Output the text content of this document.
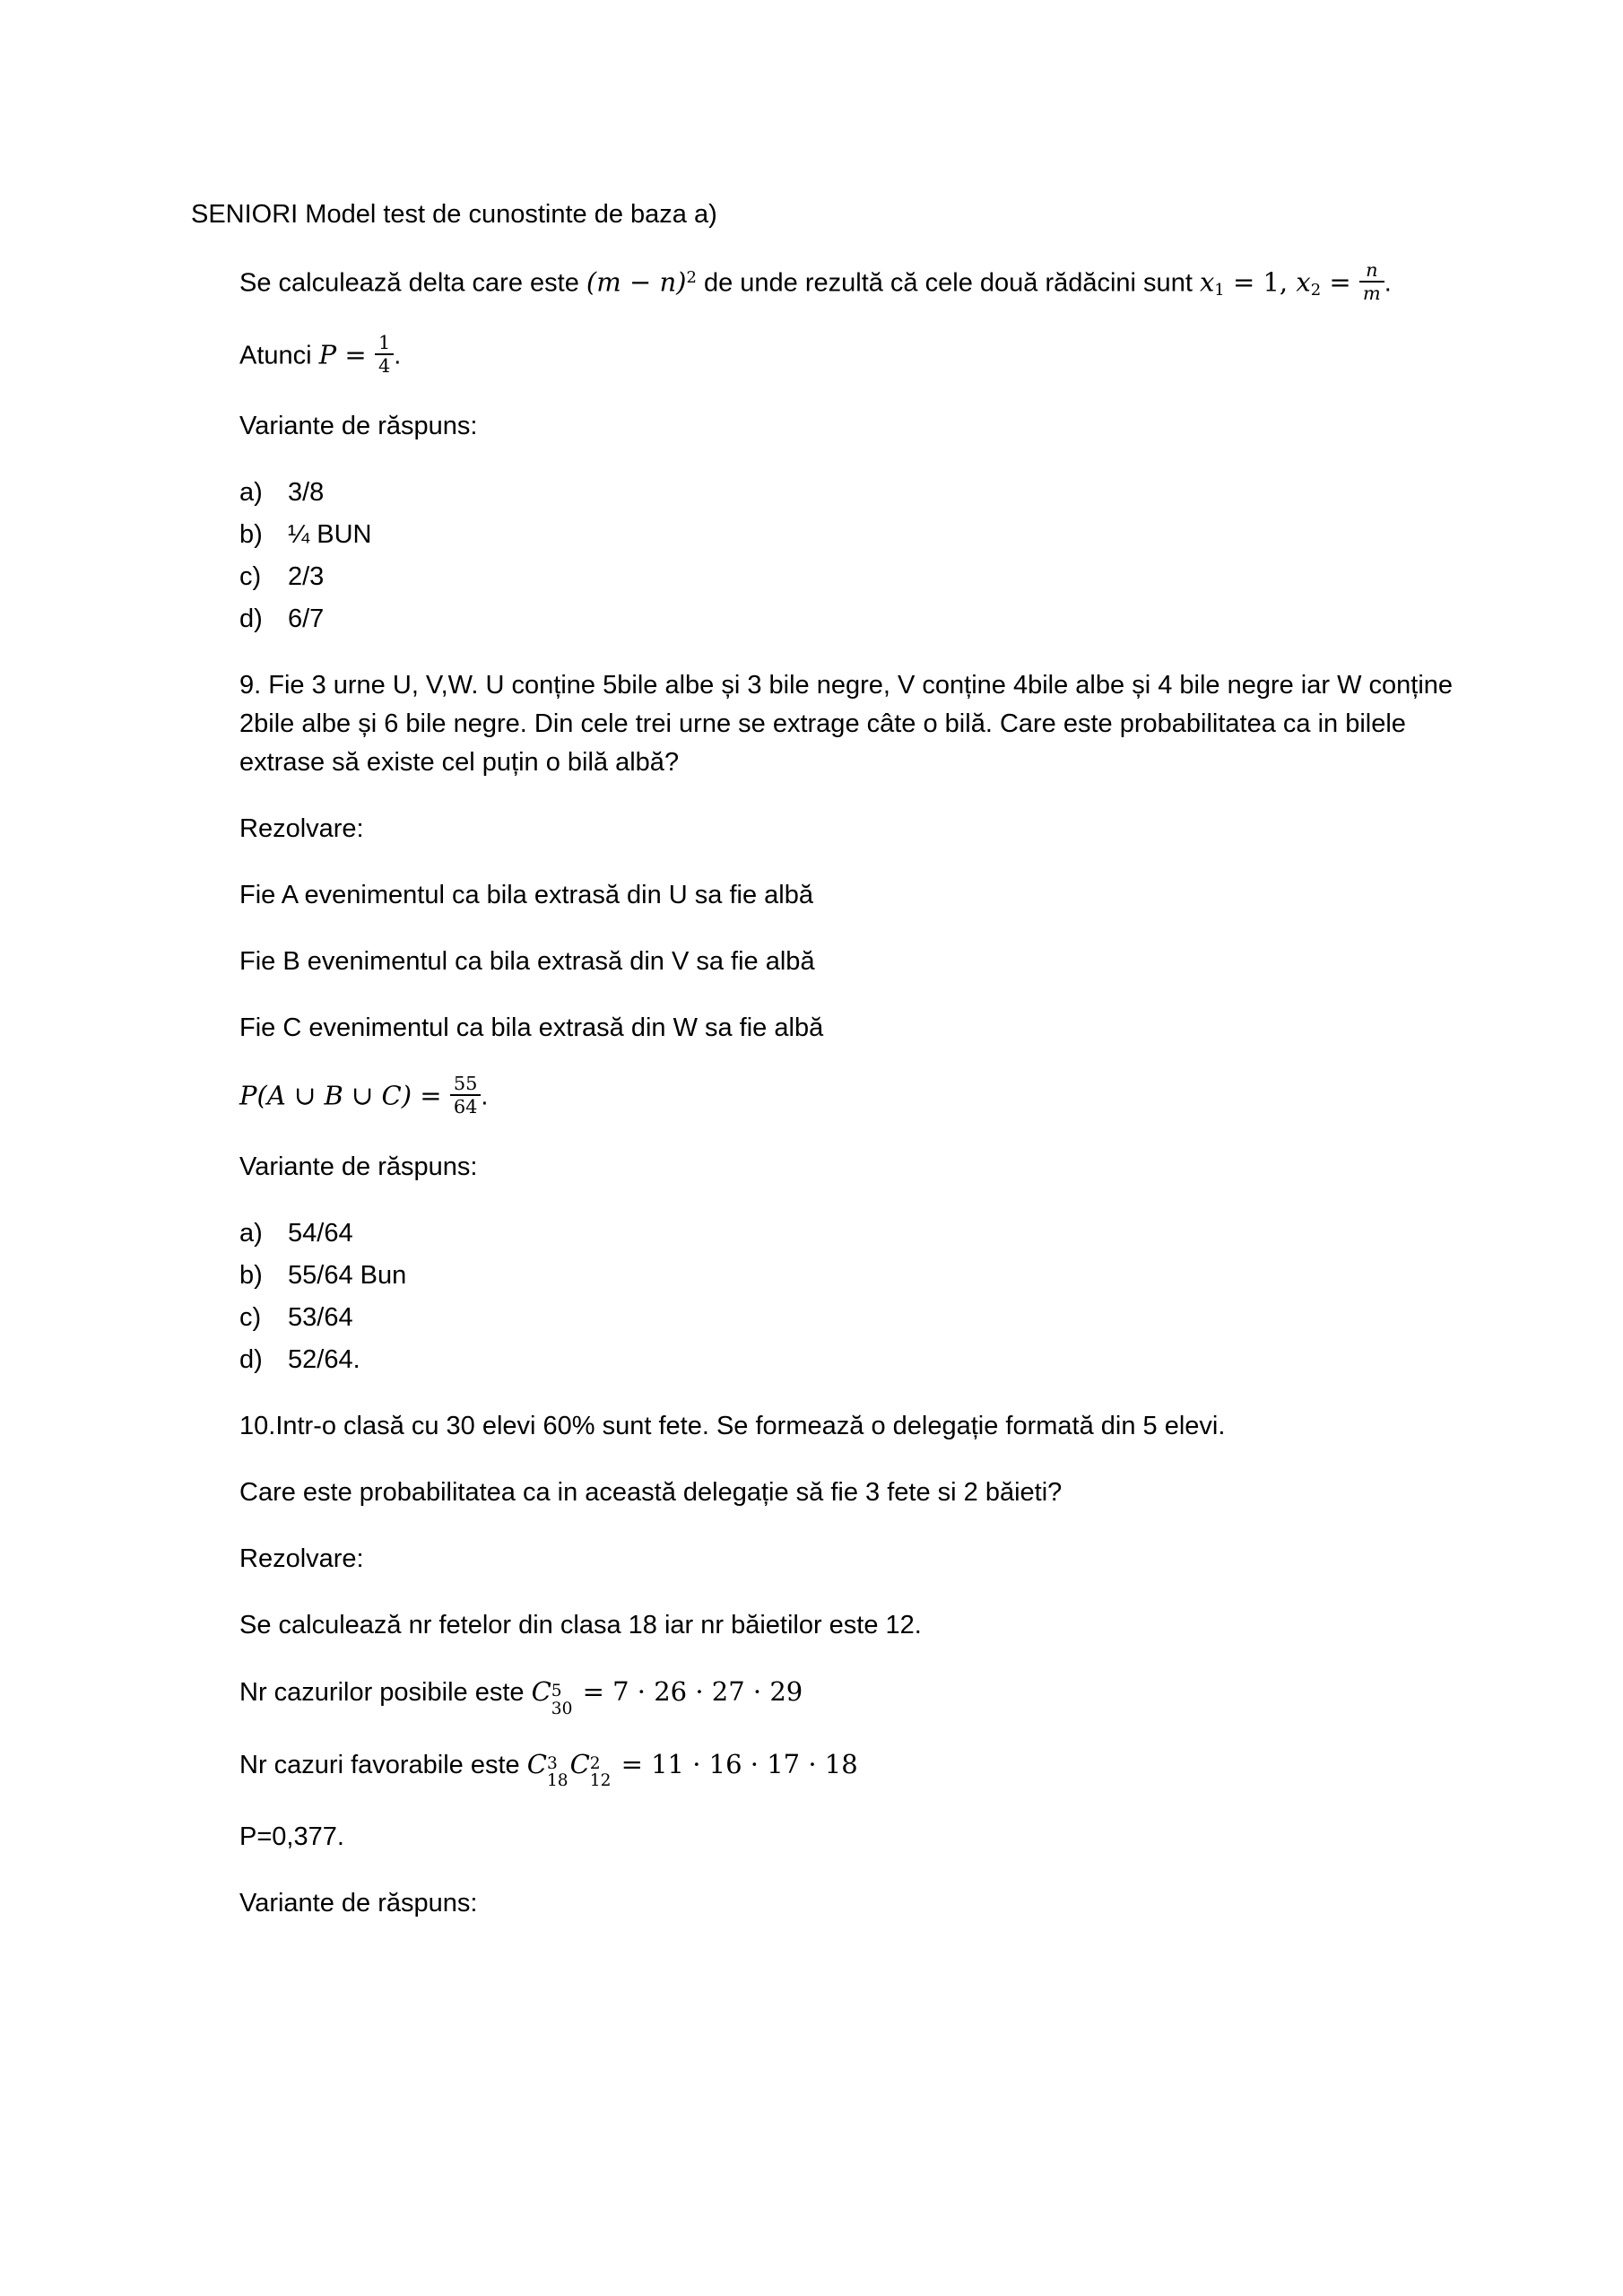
SENIORI Model test de cunostinte de baza a)

Se calculează delta care este $(m - n)^2$ de unde rezultă că cele două rădăcini sunt x1 = 1, $x2 = \frac{n}{m}$ .

Atunci $P = \frac{1}{4}$ .

Variante de răspuns:

a) 3/8
b) ¼ BUN
c)	2/3
d) 6/7

9. Fie 3 urne U, V,W. U conține 5bile albe și 3 bile negre, V conține 4bile albe și 4 bile negre iar W conține 2bile albe și 6 bile negre. Din cele trei urne se extrage câte o bilă. Care este probabilitatea ca in bilele extrase să existe cel puțin o bilă albă?

Rezolvare:

Fie A evenimentul ca bila extrasă din U sa fie albă

Fie B evenimentul ca bila extrasă din V sa fie albă

Fie C evenimentul ca bila extrasă din W sa fie albă

P(A ∪ B ∪ $C) = \frac{55}{64}$ .

Variante de răspuns:

a) 54/64
b) 55/64 Bun
c)	53/64
d) 52/64.

10.Intr-o clasă cu 30 elevi 60% sunt fete. Se formează o delegație formată din 5 elevi.

Care este probabilitatea ca in această delegație să fie 3 fete si 2 băieti?

Rezolvare:

Se calculează nr fetelor din clasa 18 iar nr băietilor este 12.

Nr cazurilor posibile este C 5
30
= 7 · 26 · 27 · 29

Nr cazuri favorabile este C 3
18
C 2
12
= 11 · 16 · 17 · 18

P=0,377.

Variante de răspuns:
